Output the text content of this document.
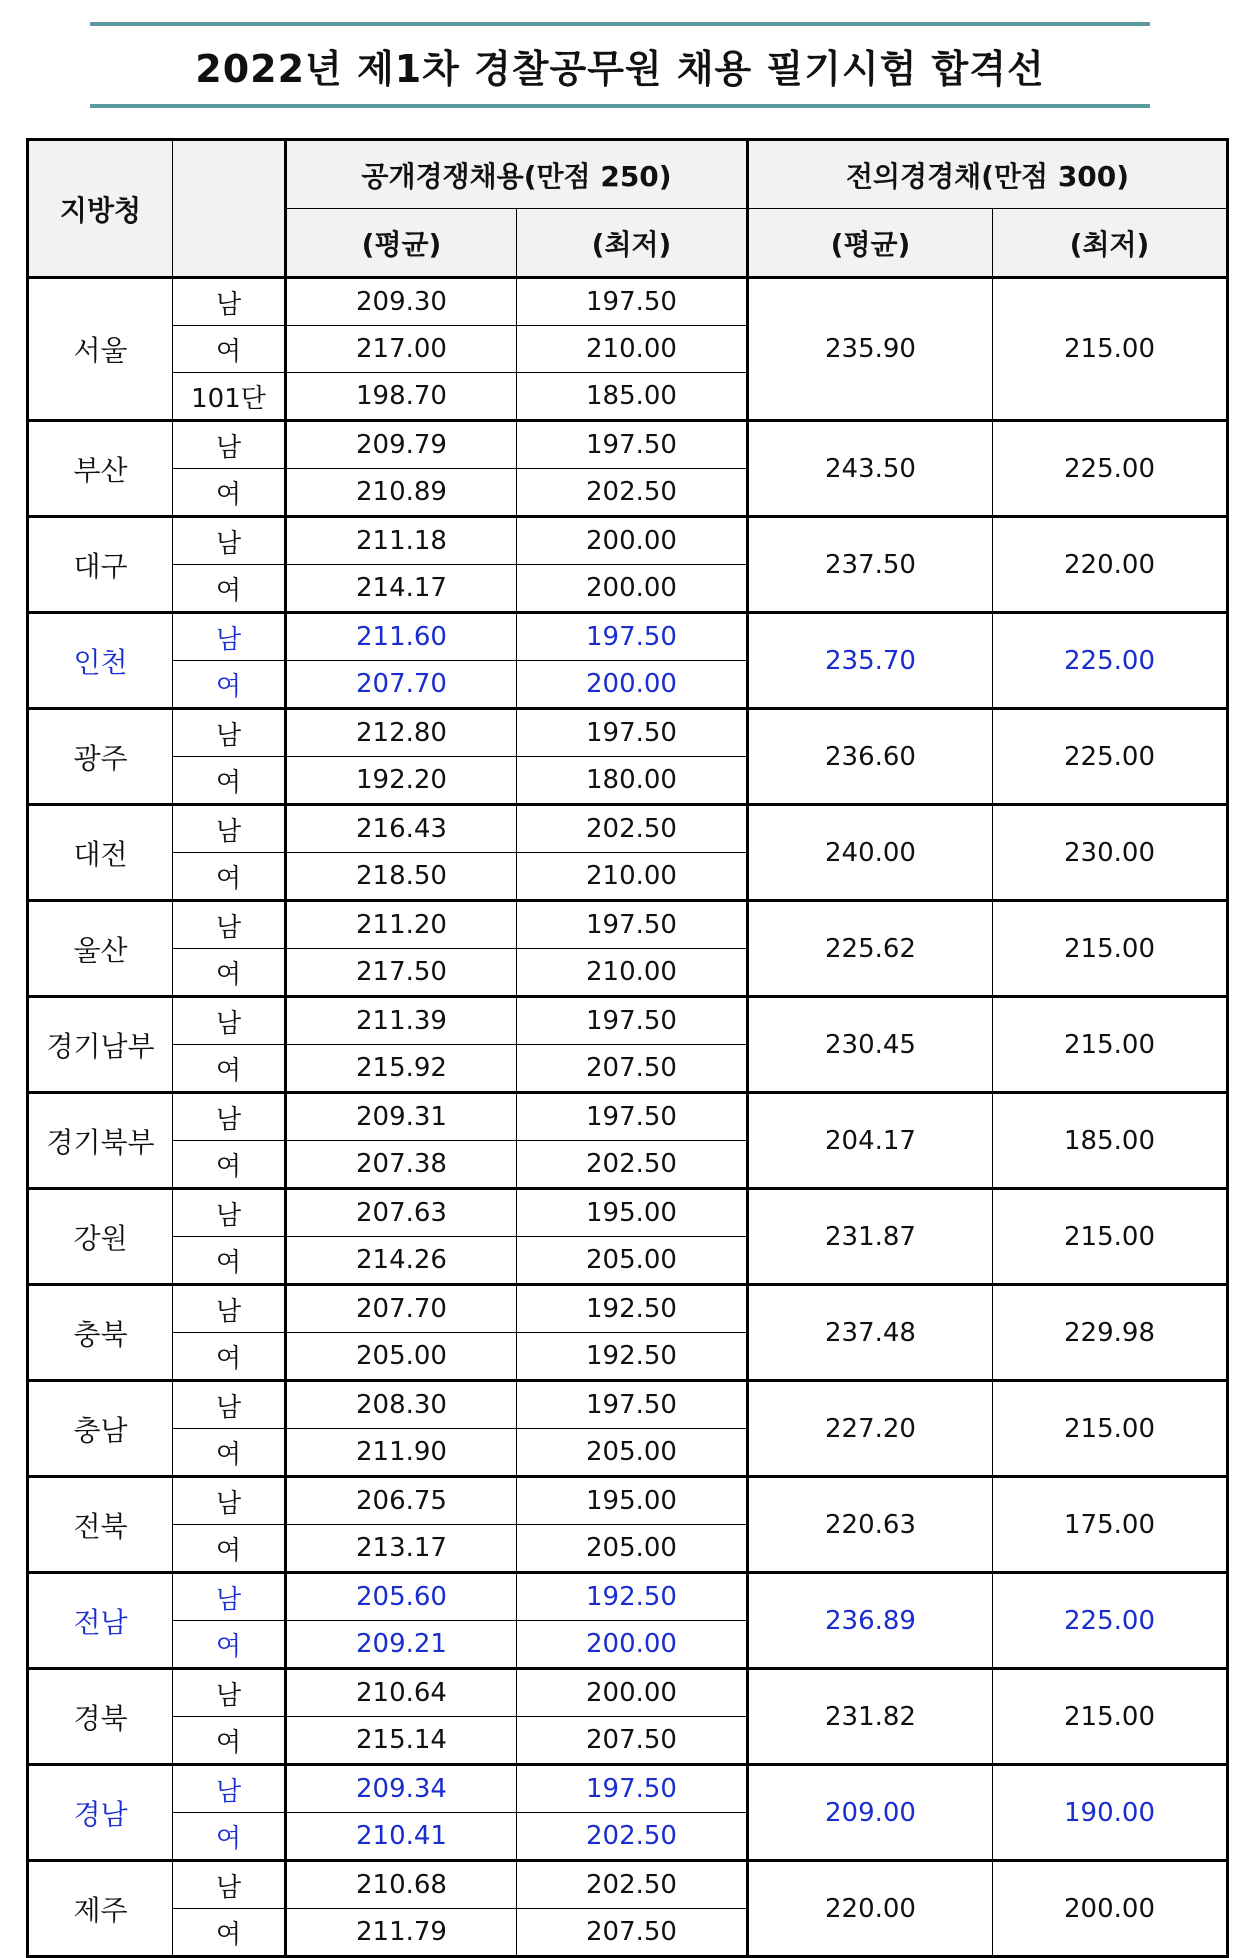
2022년 제1차 경찰공무원 채용 필기시험 합격선
지방청		공개경쟁채용(만점 250)		전의경경채(만점 300)	
		(평균)	(최저)	(평균)	(최저)
서울	남	209.30	197.50	235.90	215.00
	여	217.00	210.00		
	101단	198.70	185.00		
부산	남	209.79	197.50	243.50	225.00
	여	210.89	202.50		
대구	남	211.18	200.00	237.50	220.00
	여	214.17	200.00		
인천	남	211.60	197.50	235.70	225.00
	여	207.70	200.00		
광주	남	212.80	197.50	236.60	225.00
	여	192.20	180.00		
대전	남	216.43	202.50	240.00	230.00
	여	218.50	210.00		
울산	남	211.20	197.50	225.62	215.00
	여	217.50	210.00		
경기남부	남	211.39	197.50	230.45	215.00
	여	215.92	207.50		
경기북부	남	209.31	197.50	204.17	185.00
	여	207.38	202.50		
강원	남	207.63	195.00	231.87	215.00
	여	214.26	205.00		
충북	남	207.70	192.50	237.48	229.98
	여	205.00	192.50		
충남	남	208.30	197.50	227.20	215.00
	여	211.90	205.00		
전북	남	206.75	195.00	220.63	175.00
	여	213.17	205.00		
전남	남	205.60	192.50	236.89	225.00
	여	209.21	200.00		
경북	남	210.64	200.00	231.82	215.00
	여	215.14	207.50		
경남	남	209.34	197.50	209.00	190.00
	여	210.41	202.50		
제주	남	210.68	202.50	220.00	200.00
	여	211.79	207.50		
